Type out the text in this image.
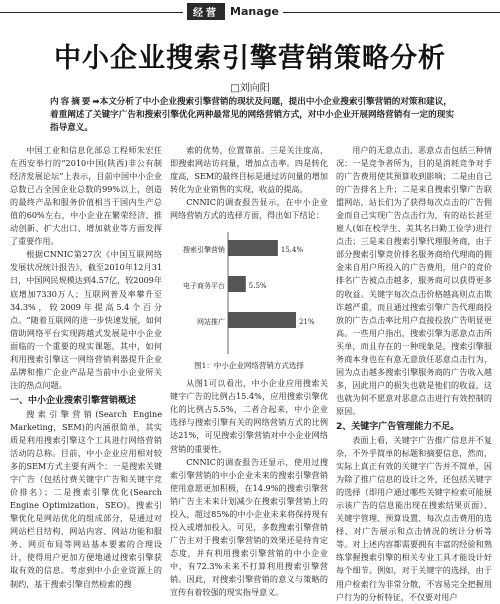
经营	Manage
中小企业搜索引擎营销策略分析
□刘向阳
内容摘要➡本文分析了中小企业搜索引擎营销的现状及问题，提出中小企业搜索引擎营销的对策和建议，着重阐述了关键字广告和搜索引擎优化两种最常见的网络营销方式，对中小企业开展网络营销有一定的现实指导意义。

中国工业和信息化部总工程师朱宏任在西安举行的“2010中国(陕西)非公有制经济发展论坛”上表示，目前中国中小企业总数已占全国企业总数的99%以上，创造的最终产品和服务价值相当于国内生产总值的60%左右，中小企业在繁荣经济、推动创新、扩大出口、增加就业等方面发挥了重要作用。

根据CNNIC第27次《中国互联网络发展状况统计报告》，截至2010年12月31日，中国网民规模达到4.57亿，较2009年底增加7330万人；互联网普及率攀升至34.3%，较2009年提高5.4个百分点。“随着互联网的进一步快速发展，如何借助网络平台实现跨越式发展是中小企业面临的一个重要的现实课题。其中，如何利用搜索引擎这一网络营销利器提升企业品牌和推广企业产品是当前中小企业所关注的热点问题。

一、中小企业搜索引擎营销概述

搜索引擎营销(Search Engine Marketing，SEM)的内涵很简单，其实质是利用搜索引擎这个工具进行网络营销活动的总称。目前，中小企业应用相对较多的SEM方式主要有两个：一是搜索关键字广告（包括付费关键字广告和关键字竞价排名）；二是搜索引擎优化(Search Engine Optimization，SEO)。搜索引擎优化是网站优化的组成部分，是通过对网站栏目结构、网站内容、网站功能和服务、网页布局等网站基本要素的合理设计，使得用户更加方便地通过搜索引擎获取有效的信息。考虑到中小企业资源上的制约，基于搜索引擎自然检索的搜

索的优势，位置靠前。三是关注度高，即搜索网站访问量，增加点击率。四是转化度高，SEM的最终目标是通过访问量的增加转化为企业销售的实现，收益的提高。

CNNIC的调查报告显示，在中小企业网络营销方式的选择方面，得出如下结论：

搜索引擎营销	15.4%
电子商务平台	5.5%
网站推广	21%
图1：中小企业网络营销方式选择

从图1可以看出，中小企业应用搜索关键字广告的比例占15.4%，应用搜索引擎优化的比例占5.5%，二者合起来，中小企业选择与搜索引擎有关的网络营销方式的比例达21%，可见搜索引擎营销对中小企业网络营销的重要性。

CNNIC的调查报告还显示，使用过搜索引擎营销的中小企业未来的搜索引擎营销使用意愿更加积极，在14.9%的搜索引擎营销广告主未来计划减少在搜索引擎营销上的投入，超过85%的中小企业未来将保持现有投入或增加投入。可见，多数搜索引擎营销广告主对于搜索引擎营销的效果还是持肯定态度，并有利用搜索引擎营销的中小企业中，有72.3%未来不打算利用搜索引擎营销。因此，对搜索引擎营销的意义与策略的宣传有着较强的现实指导意义。

用户的无意点击，恶意点击包括三种情况：一是竞争者所为，目的是消耗竞争对手的广告费用使其预算收到影响；二是由自己的广告排名上升；二是来自搜索引擎广告联盟网站，站长们为了获得每次点击的广告佣金而自己实现广告点击行为，有的站长甚至雇人(如在校学生、美其名曰勤工俭学)进行点击；三是来自搜索引擎代理服务商，由于部分搜索引擎竞价排名服务商给代理商的佣金来自用户所投入的广告费用，用户的竞价排名广告被点击越多，服务商可以获得更多的收益。关键字每次点击价格越高则点击欺诈越严重，而且通过搜索引擎广告代理商投放的广告点击率比用户直接投放广告明显更高。一些用户指出，搜索引擎为恶意点击所买单，而且存在的一种现象是，搜索引擎服务商本身也在有意无意放任恶意点击行为，因为点击越多搜索引擎服务商的广告收入越多，因此用户的损失也就是他们的收益，这也就为何不愿意对恶意点击进行有效控制的原因。

2、关键字广告管理能力不足。

表面上看，关键字广告推广信息并不复杂，不外乎简单的标题和摘要信息，然而，实际上真正有效的关键字广告并不简单，因为除了推广信息的设计之外，还包括关键字的选择（即用户通过哪些关键字检索可能展示该广告的信息能出现在搜索结果页面）、关键字管理、预算设置、每次点击费用的选择、对广告展示和点击情况的统计分析等等。对上述内容都需要拥有丰富的经验和熟练掌握搜索引擎的相关专业工具才能设计好每个细节。例如，对于关键字的选择，由于用户检索行为非常分散，不容易完全把握用户行为的分析特征，不仅要对用户
